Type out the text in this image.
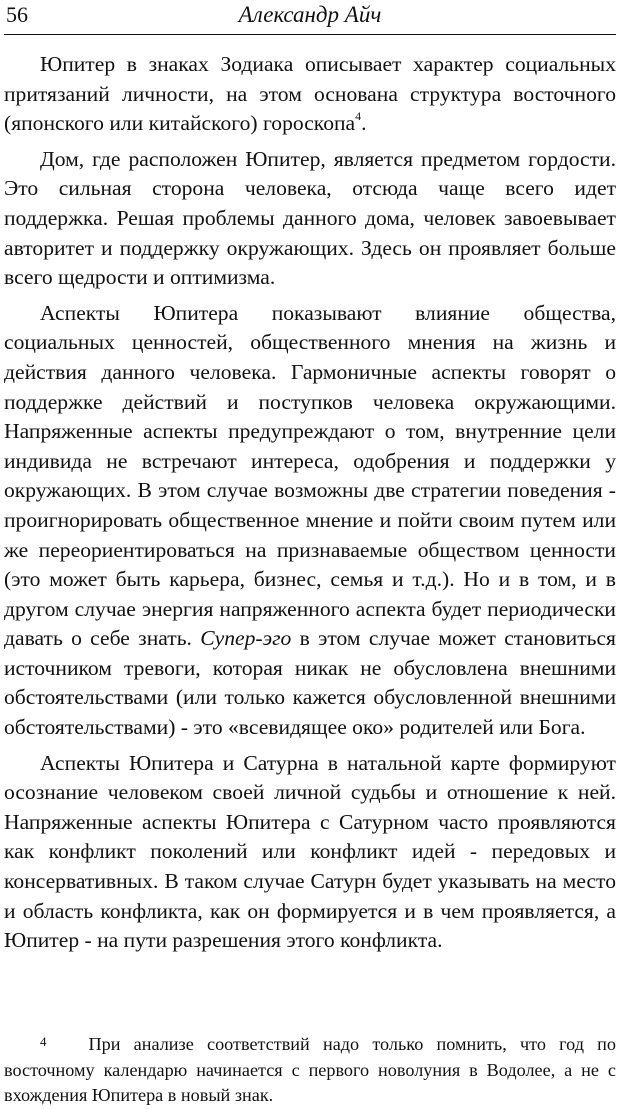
56	Александр Айч

Юпитер в знаках Зодиака описывает характер социальных притязаний личности, на этом основана структура восточного (японского или китайского) гороскопа$^4$.

Дом, где расположен Юпитер, является предметом гордости. Это сильная сторона человека, отсюда чаще всего идет поддержка. Решая проблемы данного дома, человек завоевывает авторитет и поддержку окружающих. Здесь он проявляет больше всего щедрости и оптимизма.

Аспекты Юпитера показывают влияние общества, социальных ценностей, общественного мнения на жизнь и действия данного человека. Гармоничные аспекты говорят о поддержке действий и поступков человека окружающими. Напряженные аспекты предупреждают о том, внутренние цели индивида не встречают интереса, одобрения и поддержки у окружающих. В этом случае возможны две стратегии поведения - проигнорировать общественное мнение и пойти своим путем или же переориентироваться на признаваемые обществом ценности (это может быть карьера, бизнес, семья и т.д.). Но и в том, и в другом случае энергия напряженного аспекта будет периодически давать о себе знать. Супер-эго в этом случае может становиться источником тревоги, которая никак не обусловлена внешними обстоятельствами (или только кажется обусловленной внешними обстоятельствами) - это «всевидящее око» родителей или Бога.

Аспекты Юпитера и Сатурна в натальной карте формируют осознание человеком своей личной судьбы и отношение к ней. Напряженные аспекты Юпитера с Сатурном часто проявляются как конфликт поколений или конфликт идей - передовых и консервативных. В таком случае Сатурн будет указывать на место и область конфликта, как он формируется и в чем проявляется, а Юпитер - на пути разрешения этого конфликта.

$^4$ При анализе соответствий надо только помнить, что год по восточному календарю начинается с первого новолуния в Водолее, а не с вхождения Юпитера в новый знак.
